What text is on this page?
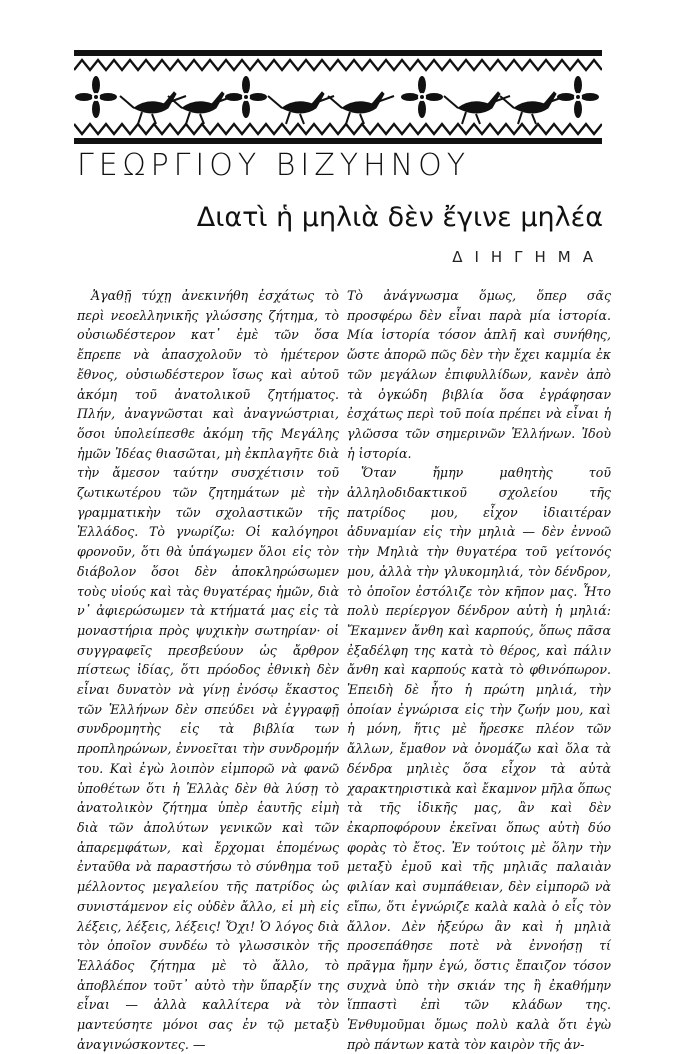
ΓΕΩΡΓΙΟΥ ΒΙΖΥΗΝΟΥ
Διατὶ ἡ μηλιὰ δὲν ἔγινε μηλέα
ΔΙΗΓΗΜΑ

Ἀγαθῇ τύχῃ ἀνεκινήθη ἐσχάτως τὸ περὶ νεοελληνικῆς γλώσσης ζήτημα, τὸ οὐσιωδέστερον κατ᾿ ἐμὲ τῶν ὅσα ἔπρεπε νὰ ἀπασχολοῦν τὸ ἡμέτερον ἔθνος, οὐσιωδέστερον ἴσως καὶ αὐτοῦ ἀκόμη τοῦ ἀνατολικοῦ ζητήματος. Πλήν, ἀναγνῶσται καὶ ἀναγνώστριαι, ὅσοι ὑπολείπεσθε ἀκόμη τῆς Μεγάλης ἡμῶν Ἰδέας θιασῶται, μὴ ἐκπλαγῆτε διὰ τὴν ἄμεσον ταύτην συσχέτισιν τοῦ ζωτικωτέρου τῶν ζητημάτων μὲ τὴν γραμματικὴν τῶν σχολαστικῶν τῆς Ἑλλάδος. Τὸ γνωρίζω: Οἱ καλόγηροι φρονοῦν, ὅτι θὰ ὑπάγωμεν ὅλοι εἰς τὸν διάβολον ὅσοι δὲν ἀποκληρώσωμεν τοὺς υἱούς καὶ τὰς θυγατέρας ἡμῶν, διὰ ν᾿ ἀφιερώσωμεν τὰ κτήματά μας εἰς τὰ μοναστήρια πρὸς ψυχικὴν σωτηρίαν· οἱ συγγραφεῖς πρεσβεύουν ὡς ἄρθρον πίστεως ἰδίας, ὅτι πρόοδος ἐθνικὴ δὲν εἶναι δυνατὸν νὰ γίνῃ ἐνόσῳ ἕκαστος τῶν Ἑλλήνων δὲν σπεύδει νὰ ἐγγραφῇ συνδρομητὴς εἰς τὰ βιβλία των προπληρώνων, ἐννοεῖται τὴν συνδρομήν του. Καὶ ἐγὼ λοιπὸν εἰμπορῶ νὰ φανῶ ὑποθέτων ὅτι ἡ Ἑλλὰς δὲν θὰ λύσῃ τὸ ἀνατολικὸν ζήτημα ὑπὲρ ἑαυτῆς εἰμὴ διὰ τῶν ἀπολύτων γενικῶν καὶ τῶν ἀπαρεμφάτων, καὶ ἔρχομαι ἑπομένως ἐνταῦθα νὰ παραστήσω τὸ σύνθημα τοῦ μέλλοντος μεγαλείου τῆς πατρίδος ὡς συνιστάμενον εἰς οὐδὲν ἄλλο, εἰ μὴ εἰς λέξεις, λέξεις, λέξεις! Ὄχι! Ὁ λόγος διὰ τὸν ὁποῖον συνδέω τὸ γλωσσικὸν τῆς Ἑλλάδος ζήτημα μὲ τὸ ἄλλο, τὸ ἀποβλέπον τοῦτ᾿ αὐτὸ τὴν ὕπαρξίν της εἶναι — ἀλλὰ καλλίτερα νὰ τὸν μαντεύσητε μόνοι σας ἐν τῷ μεταξὺ ἀναγινώσκοντες. —

Τὸ ἀνάγνωσμα ὅμως, ὅπερ σᾶς προσφέρω δὲν εἶναι παρὰ μία ἱστορία. Μία ἱστορία τόσον ἁπλῆ καὶ συνήθης, ὥστε ἀπορῶ πῶς δὲν τὴν ἔχει καμμία ἐκ τῶν μεγάλων ἐπιφυλλίδων, κανὲν ἀπὸ τὰ ὀγκώδη βιβλία ὅσα ἐγράφησαν ἐσχάτως περὶ τοῦ ποία πρέπει νὰ εἶναι ἡ γλῶσσα τῶν σημερινῶν Ἑλλήνων. Ἰδοὺ ἡ ἱστορία.

Ὅταν ἤμην μαθητὴς τοῦ ἀλληλοδιδακτικοῦ σχολείου τῆς πατρίδος μου, εἶχον ἰδιαιτέραν ἀδυναμίαν εἰς τὴν μηλιὰ — δὲν ἐννοῶ τὴν Μηλιὰ τὴν θυγατέρα τοῦ γείτονός μου, ἀλλὰ τὴν γλυκομηλιά, τὸν δένδρον, τὸ ὁποῖον ἐστόλιζε τὸν κῆπον μας. Ἦτο πολὺ περίεργον δένδρον αὐτὴ ἡ μηλιά: Ἔκαμνεν ἄνθη καὶ καρπούς, ὅπως πᾶσα ἐξαδέλφη της κατὰ τὸ θέρος, καὶ πάλιν ἄνθη καὶ καρπούς κατὰ τὸ φθινόπωρον. Ἐπειδὴ δὲ ἦτο ἡ πρώτη μηλιά, τὴν ὁποίαν ἐγνώρισα εἰς τὴν ζωήν μου, καὶ ἡ μόνη, ἥτις μὲ ἤρεσκε πλέον τῶν ἄλλων, ἔμαθον νὰ ὀνομάζω καὶ ὅλα τὰ δένδρα μηλιὲς ὅσα εἶχον τὰ αὐτὰ χαρακτηριστικὰ καὶ ἔκαμνον μῆλα ὅπως τὰ τῆς ἰδικῆς μας, ἂν καὶ δὲν ἐκαρποφόρουν ἐκεῖναι ὅπως αὐτὴ δύο φορὰς τὸ ἔτος. Ἐν τούτοις μὲ ὅλην τὴν μεταξὺ ἐμοῦ καὶ τῆς μηλιᾶς παλαιὰν φιλίαν καὶ συμπάθειαν, δὲν εἰμπορῶ νὰ εἴπω, ὅτι ἐγνώριζε καλὰ καλὰ ὁ εἷς τὸν ἄλλον. Δὲν ἠξεύρω ἂν καὶ ἡ μηλιὰ προσεπάθησε ποτὲ νὰ ἐννοήσῃ τί πρᾶγμα ἤμην ἐγώ, ὅστις ἔπαιζον τόσον συχνὰ ὑπὸ τὴν σκιάν της ἢ ἐκαθήμην ἵππαστὶ ἐπὶ τῶν κλάδων της. Ἐνθυμοῦμαι ὅμως πολὺ καλὰ ὅτι ἐγὼ πρὸ πάντων κατὰ τὸν καιρὸν τῆς ἀν-
